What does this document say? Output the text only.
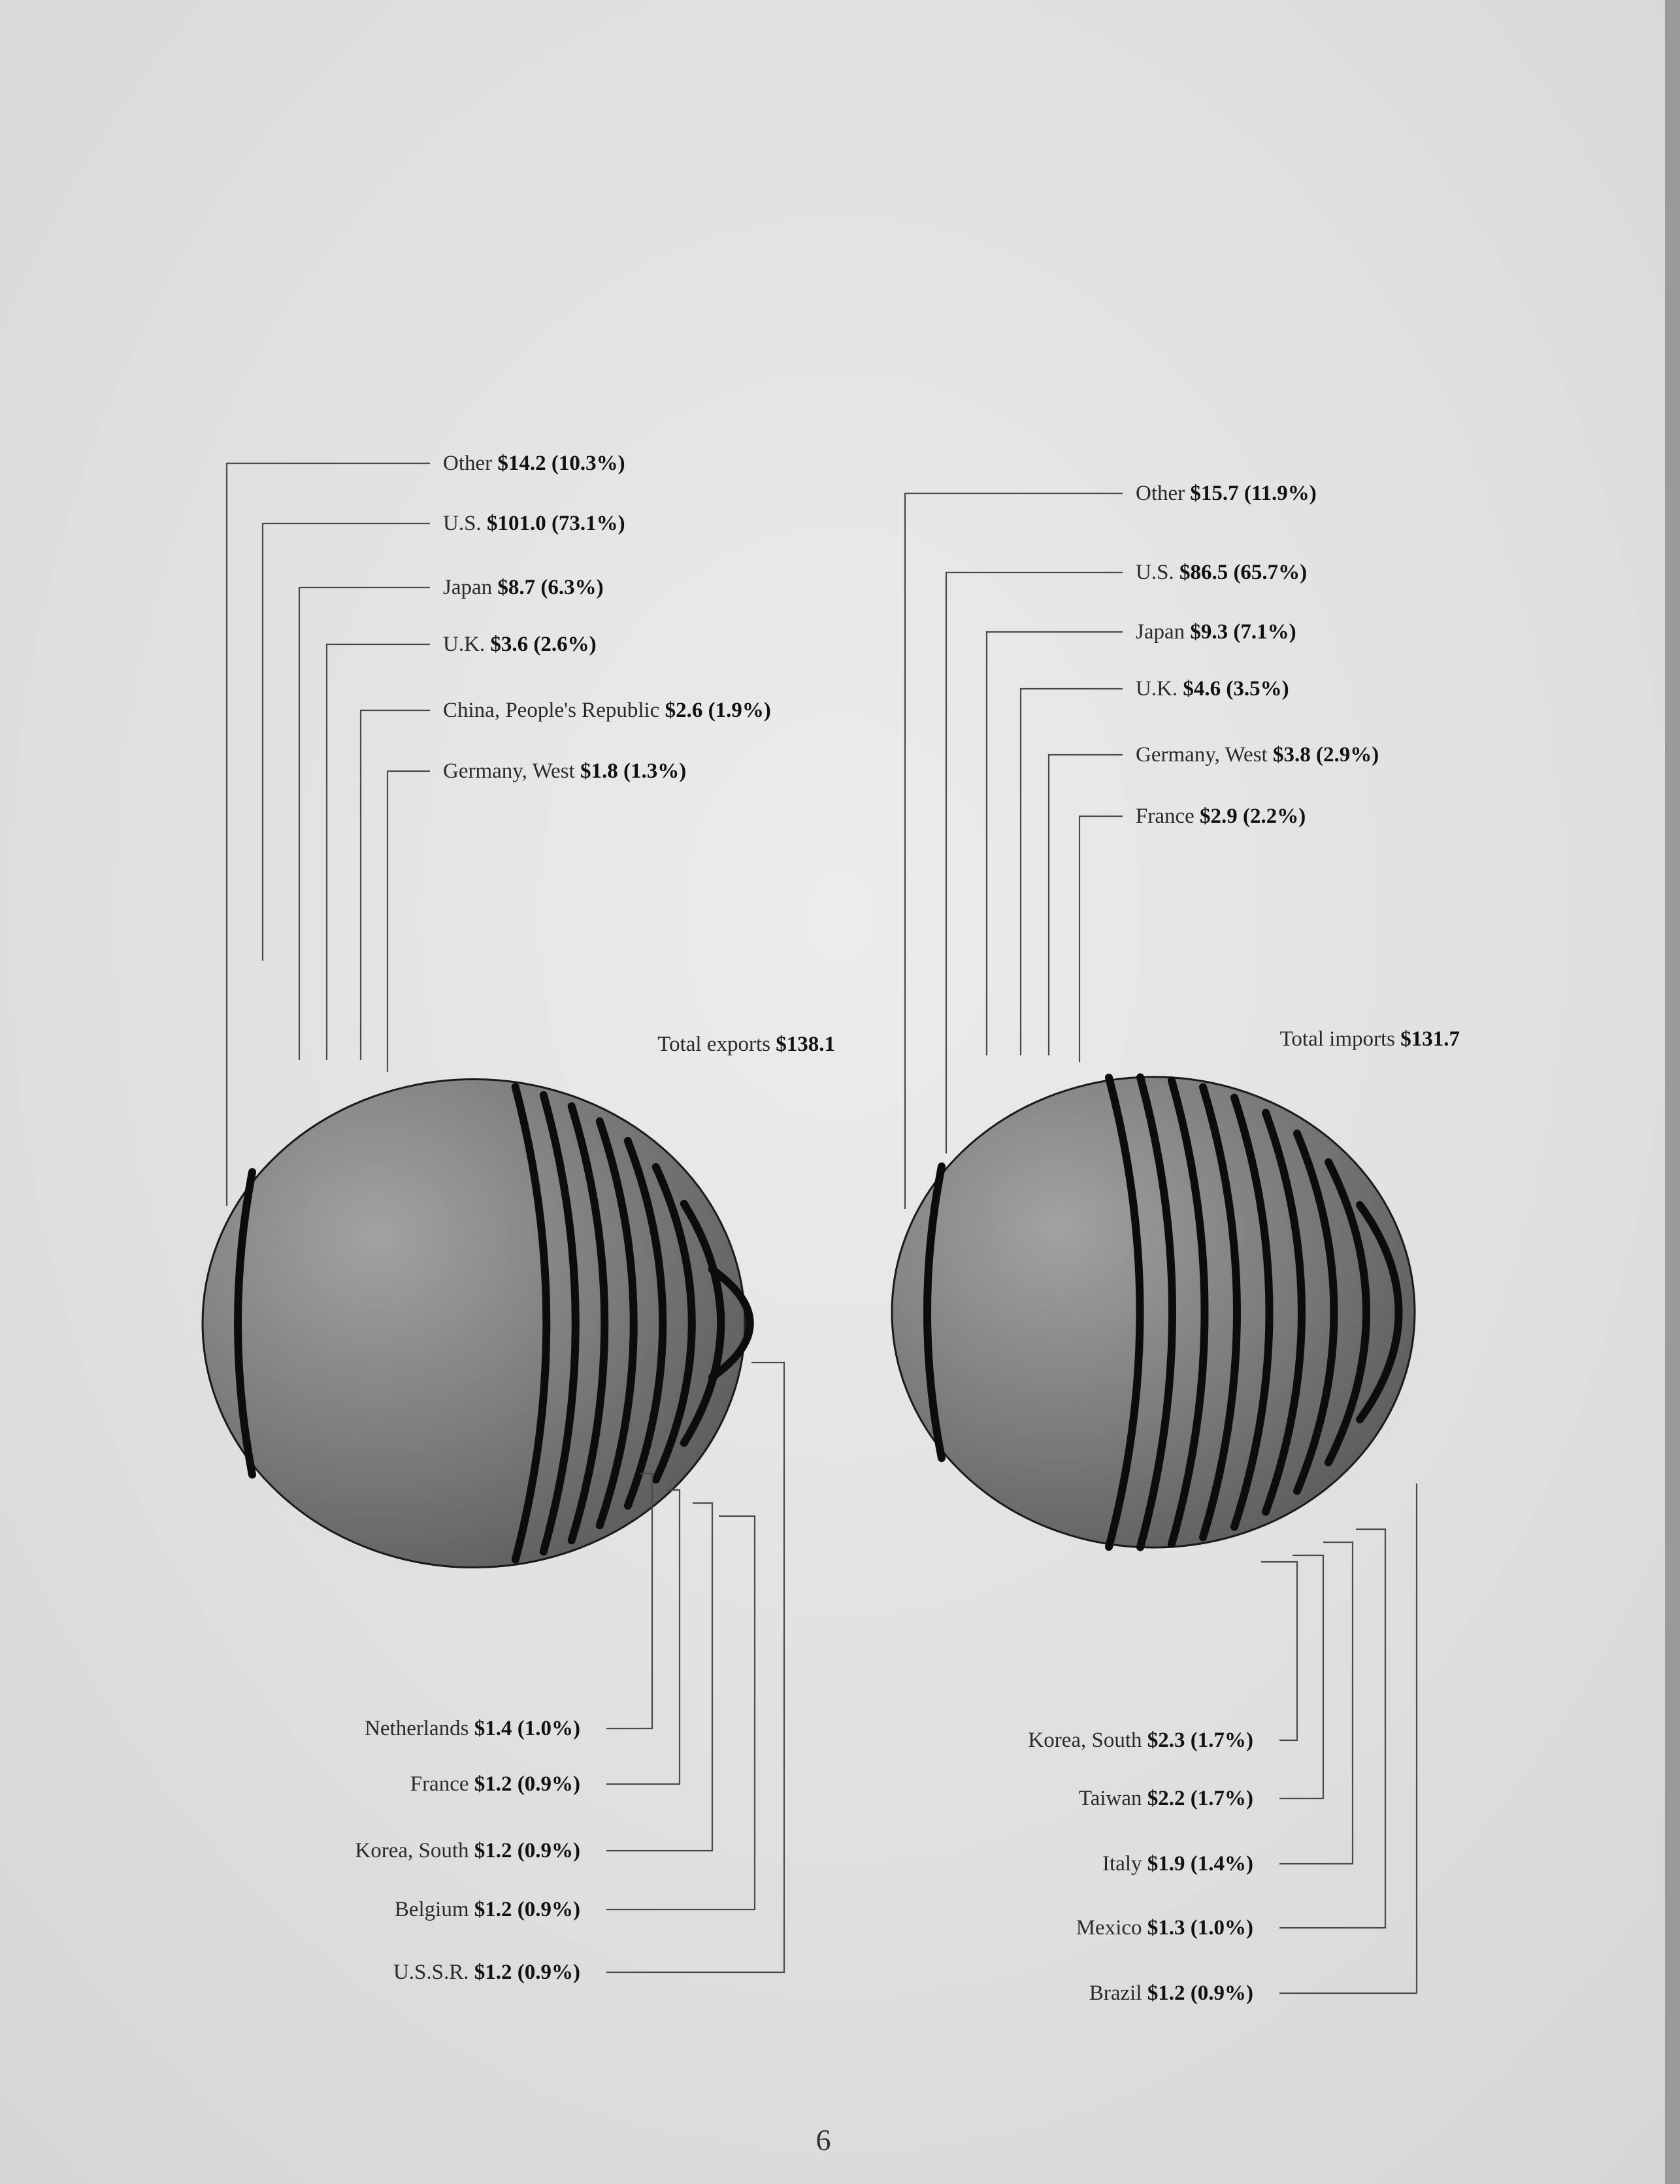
Other $14.2 (10.3%)
U.S. $101.0 (73.1%)
Japan $8.7 (6.3%)
U.K. $3.6 (2.6%)
China, People's Republic $2.6 (1.9%)
Germany, West $1.8 (1.3%)
Netherlands $1.4 (1.0%)
France $1.2 (0.9%)
Korea, South $1.2 (0.9%)
Belgium $1.2 (0.9%)
U.S.S.R. $1.2 (0.9%)
Total exports $138.1
Other $15.7 (11.9%)
U.S. $86.5 (65.7%)
Japan $9.3 (7.1%)
U.K. $4.6 (3.5%)
Germany, West $3.8 (2.9%)
France $2.9 (2.2%)
Korea, South $2.3 (1.7%)
Taiwan $2.2 (1.7%)
Italy $1.9 (1.4%)
Mexico $1.3 (1.0%)
Brazil $1.2 (0.9%)
Total imports $131.7
6
